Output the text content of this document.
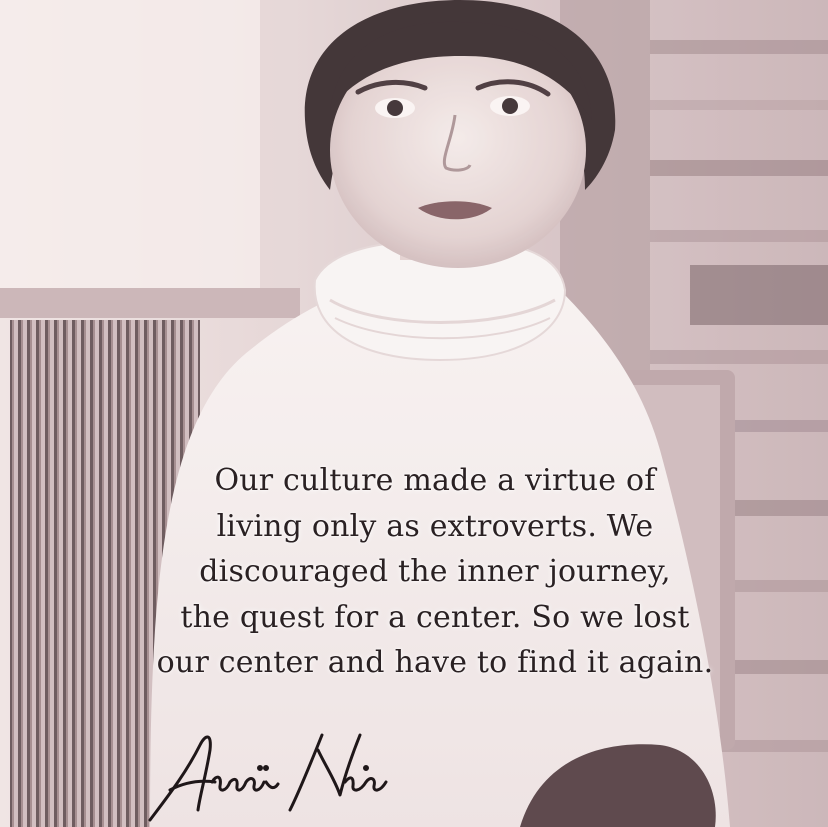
Our culture made a virtue of
living only as extroverts. We
discouraged the inner journey,
the quest for a center. So we lost
our center and have to find it again.
